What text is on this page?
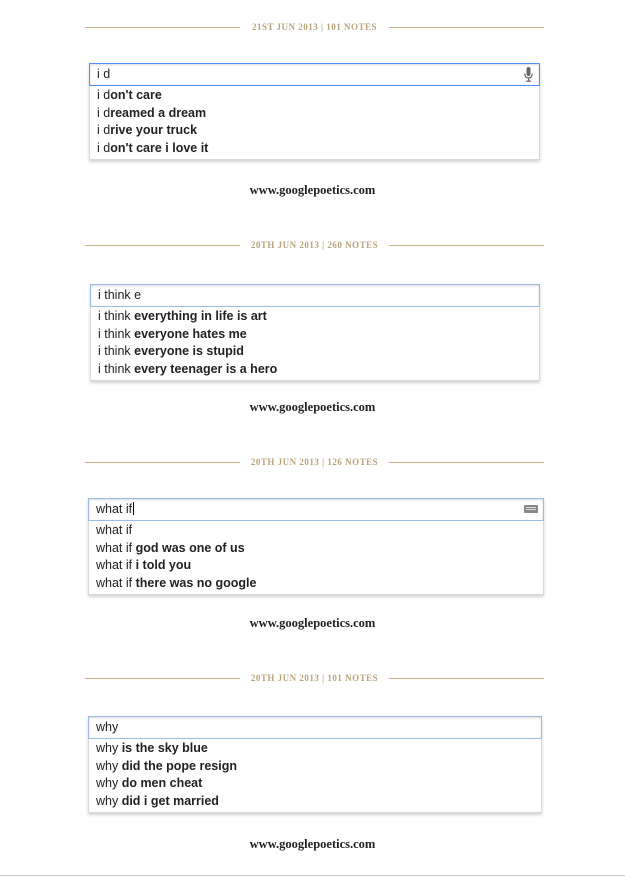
21ST JUN 2013 | 101 NOTES
i d
i don't care
i dreamed a dream
i drive your truck
i don't care i love it
www.googlepoetics.com
20TH JUN 2013 | 260 NOTES
i think e
i think everything in life is art
i think everyone hates me
i think everyone is stupid
i think every teenager is a hero
www.googlepoetics.com
20TH JUN 2013 | 126 NOTES
what if
what if
what if god was one of us
what if i told you
what if there was no google
www.googlepoetics.com
20TH JUN 2013 | 101 NOTES
why
why is the sky blue
why did the pope resign
why do men cheat
why did i get married
www.googlepoetics.com
